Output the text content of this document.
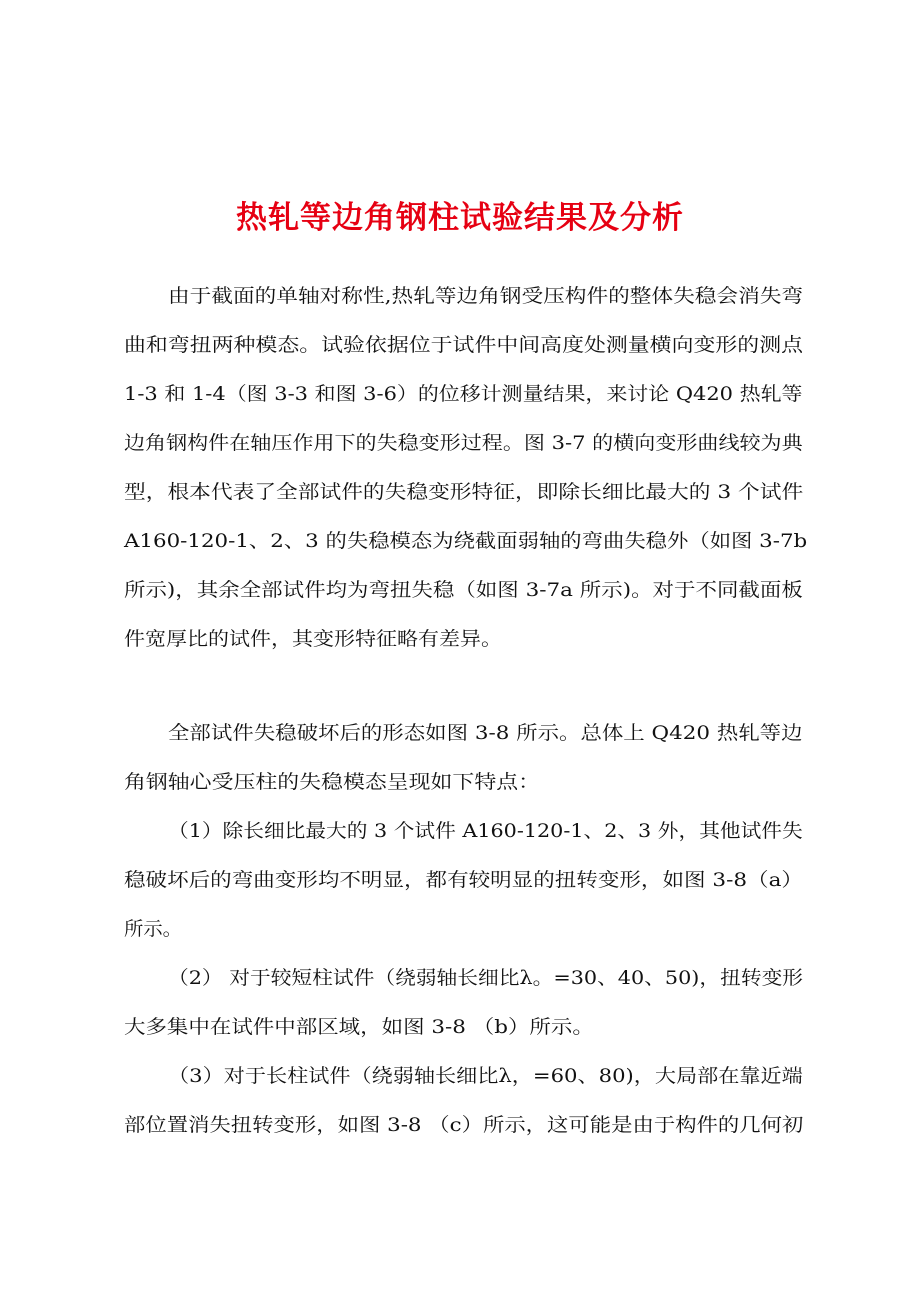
热轧等边角钢柱试验结果及分析
由于截面的单轴对称性,热轧等边角钢受压构件的整体失稳会消失弯
曲和弯扭两种模态。试验依据位于试件中间高度处测量横向变形的测点
1-3 和 1-4（图 3-3 和图 3-6）的位移计测量结果，来讨论 Q420 热轧等
边角钢构件在轴压作用下的失稳变形过程。图 3-7 的横向变形曲线较为典
型，根本代表了全部试件的失稳变形特征，即除长细比最大的 3 个试件
A160-120-1、2、3 的失稳模态为绕截面弱轴的弯曲失稳外（如图 3-7b
所示)，其余全部试件均为弯扭失稳（如图 3-7a 所示)。对于不同截面板
件宽厚比的试件，其变形特征略有差异。
全部试件失稳破坏后的形态如图 3-8 所示。总体上 Q420 热轧等边
角钢轴心受压柱的失稳模态呈现如下特点：
（1）除长细比最大的 3 个试件 A160-120-1、2、3 外，其他试件失
稳破坏后的弯曲变形均不明显，都有较明显的扭转变形，如图 3-8（a）
所示。
（2） 对于较短柱试件（绕弱轴长细比λ。=30、40、50)，扭转变形
大多集中在试件中部区域，如图 3-8 （b）所示。
（3）对于长柱试件（绕弱轴长细比λ，=60、80)，大局部在靠近端
部位置消失扭转变形，如图 3-8 （c）所示，这可能是由于构件的几何初
